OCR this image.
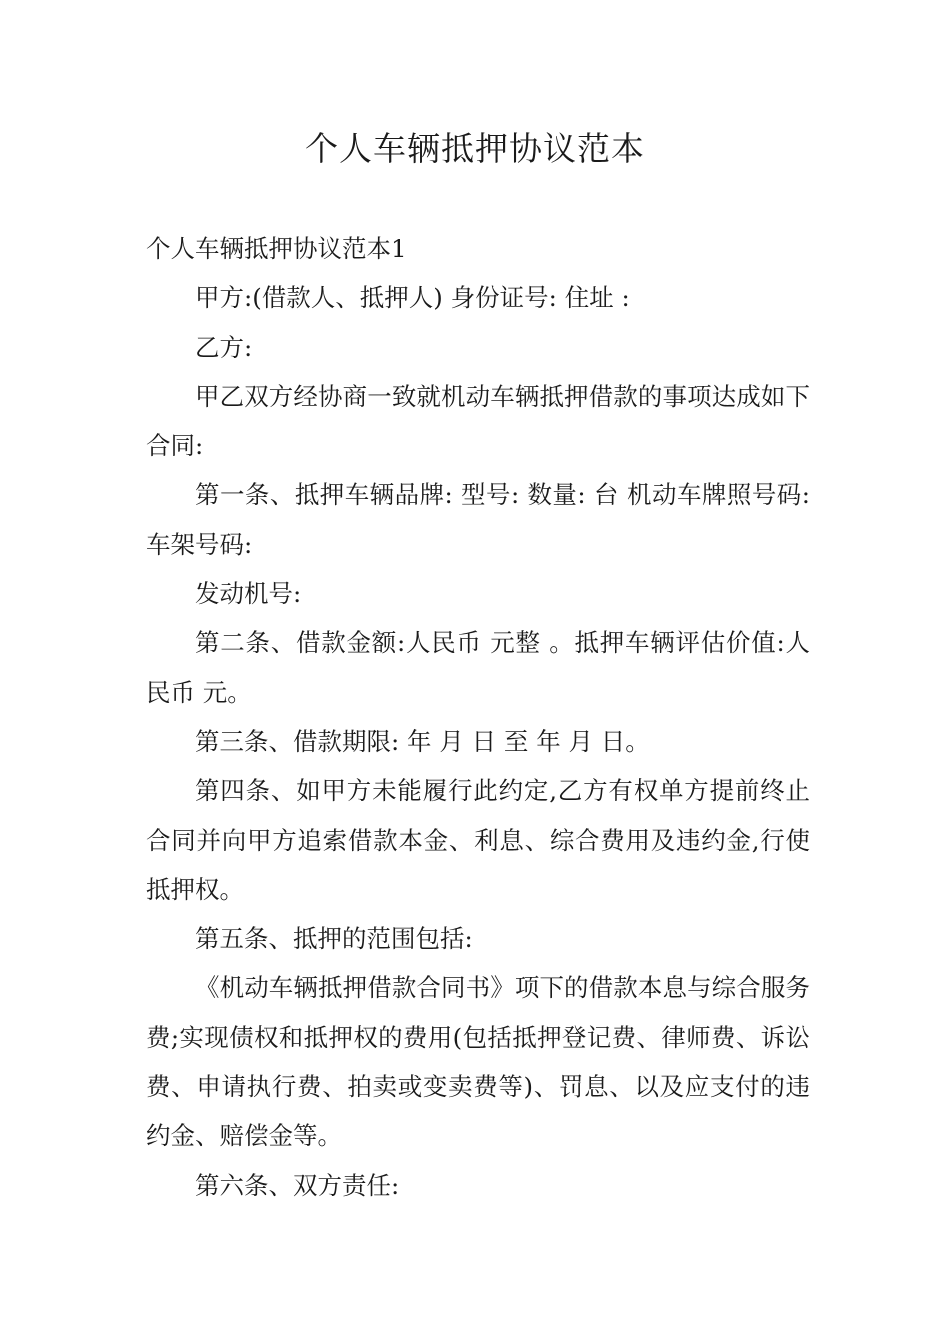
个人车辆抵押协议范本

个人车辆抵押协议范本1

甲方:(借款人、抵押人) 身份证号: 住址 :

乙方:

甲乙双方经协商一致就机动车辆抵押借款的事项达成如下合同:

第一条、抵押车辆品牌: 型号: 数量: 台 机动车牌照号码: 车架号码:

发动机号:

第二条、借款金额:人民币 元整 。抵押车辆评估价值:人民币 元。

第三条、借款期限: 年 月 日 至 年 月 日。

第四条、如甲方未能履行此约定,乙方有权单方提前终止合同并向甲方追索借款本金、利息、综合费用及违约金,行使抵押权。

第五条、抵押的范围包括:

《机动车辆抵押借款合同书》项下的借款本息与综合服务费;实现债权和抵押权的费用(包括抵押登记费、律师费、诉讼费、申请执行费、拍卖或变卖费等)、罚息、以及应支付的违约金、赔偿金等。

第六条、双方责任:
